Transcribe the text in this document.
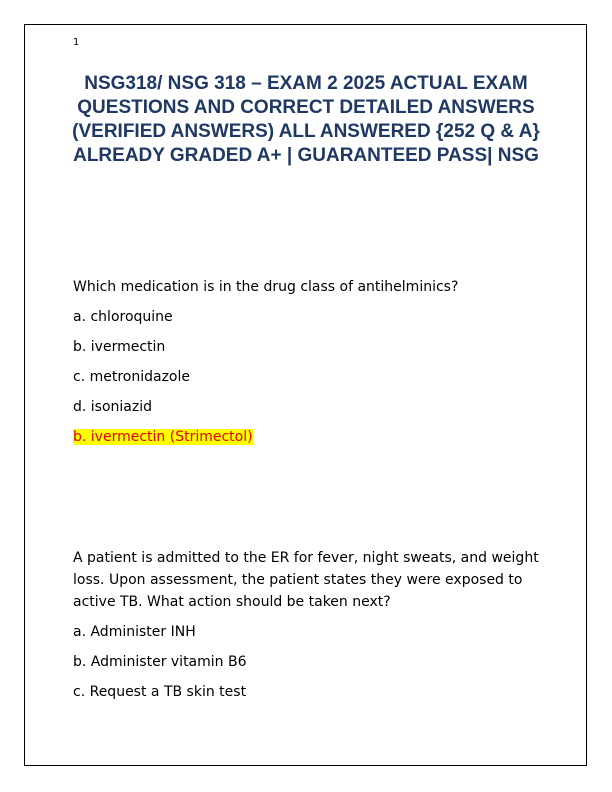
1
NSG318/ NSG 318 – EXAM 2 2025 ACTUAL EXAM QUESTIONS AND CORRECT DETAILED ANSWERS (VERIFIED ANSWERS) ALL ANSWERED {252 Q & A} ALREADY GRADED A+ | GUARANTEED PASS| NSG
Which medication is in the drug class of antihelminics?
a. chloroquine
b. ivermectin
c. metronidazole
d. isoniazid
b. ivermectin (Strimectol)
A patient is admitted to the ER for fever, night sweats, and weight loss. Upon assessment, the patient states they were exposed to active TB. What action should be taken next?
a. Administer INH
b. Administer vitamin B6
c. Request a TB skin test
